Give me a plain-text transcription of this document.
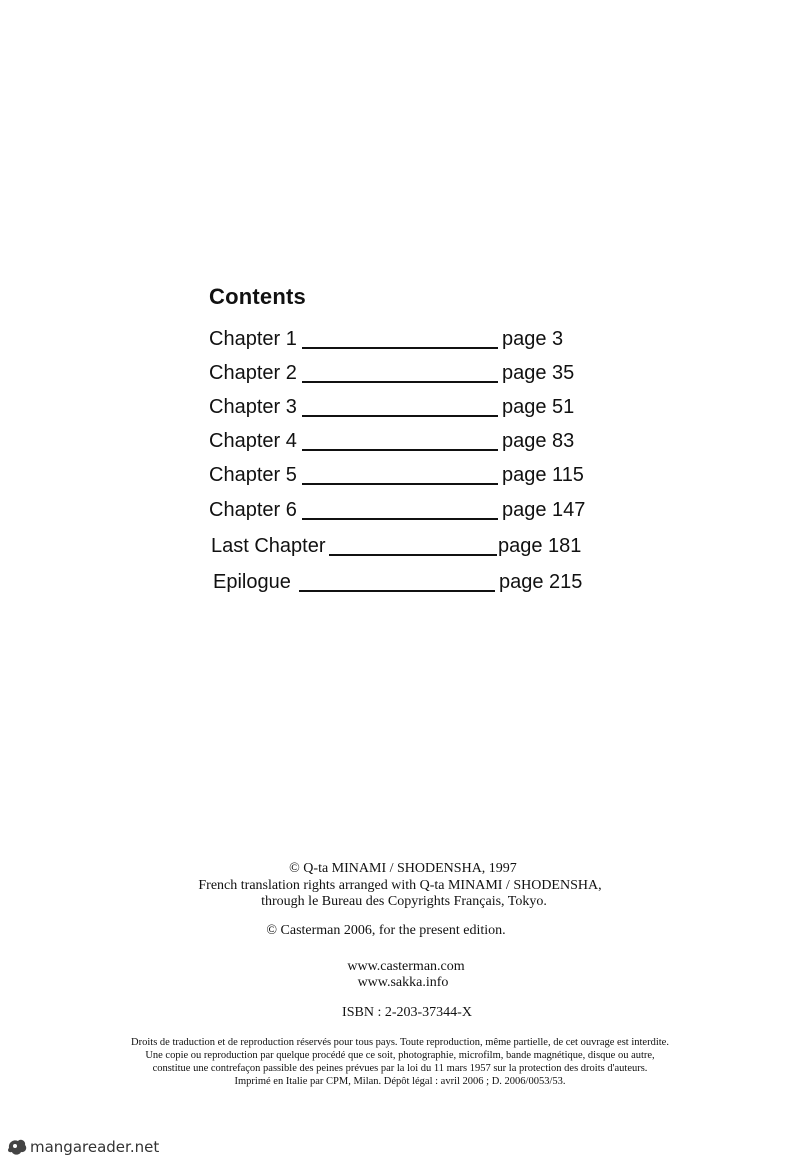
Contents
Chapter 1	page 3
Chapter 2	page 35
Chapter 3	page 51
Chapter 4	page 83
Chapter 5	page 115
Chapter 6	page 147
Last Chapter	page 181
Epilogue	page 215
© Q-ta MINAMI / SHODENSHA, 1997
French translation rights arranged with Q-ta MINAMI / SHODENSHA,
through le Bureau des Copyrights Français, Tokyo.
© Casterman 2006, for the present edition.
www.casterman.com
www.sakka.info
ISBN : 2-203-37344-X
Droits de traduction et de reproduction réservés pour tous pays. Toute reproduction, même partielle, de cet ouvrage est interdite.
Une copie ou reproduction par quelque procédé que ce soit, photographie, microfilm, bande magnétique, disque ou autre,
constitue une contrefaçon passible des peines prévues par la loi du 11 mars 1957 sur la protection des droits d'auteurs.
Imprimé en Italie par CPM, Milan. Dépôt légal : avril 2006 ; D. 2006/0053/53.
mangareader.net
